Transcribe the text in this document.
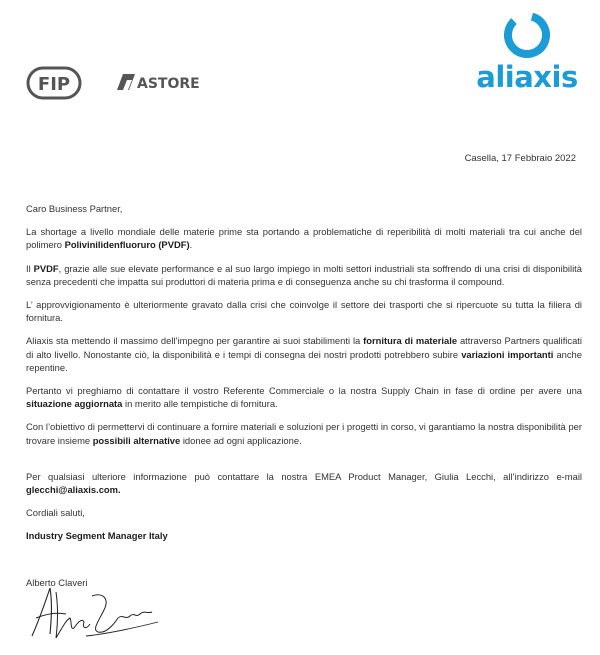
FIP	ASTORE	aliaxis
Casella, 17 Febbraio 2022

Caro Business Partner,

La shortage a livello mondiale delle materie prime sta portando a problematiche di reperibilità di molti materiali tra cui anche del polimero Polivinilidenfluoruro (PVDF).

Il PVDF, grazie alle sue elevate performance e al suo largo impiego in molti settori industriali sta soffrendo di una crisi di disponibilità senza precedenti che impatta sui produttori di materia prima e di conseguenza anche su chi trasforma il compound.

L’ approvvigionamento è ulteriormente gravato dalla crisi che coinvolge il settore dei trasporti che si ripercuote su tutta la filiera di fornitura.

Aliaxis sta mettendo il massimo dell’impegno per garantire ai suoi stabilimenti la fornitura di materiale attraverso Partners qualificati di alto livello. Nonostante ciò, la disponibilità e i tempi di consegna dei nostri prodotti potrebbero subire variazioni importanti anche repentine.

Pertanto vi preghiamo di contattare il vostro Referente Commerciale o la nostra Supply Chain in fase di ordine per avere una situazione aggiornata in merito alle tempistiche di fornitura.

Con l’obiettivo di permettervi di continuare a fornire materiali e soluzioni per i progetti in corso, vi garantiamo la nostra disponibilità per trovare insieme possibili alternative idonee ad ogni applicazione.

Per qualsiasi ulteriore informazione può contattare la nostra EMEA Product Manager, Giulia Lecchi, all’indirizzo e-mail glecchi@aliaxis.com.

Cordiali saluti,

Industry Segment Manager Italy

Alberto Claveri
